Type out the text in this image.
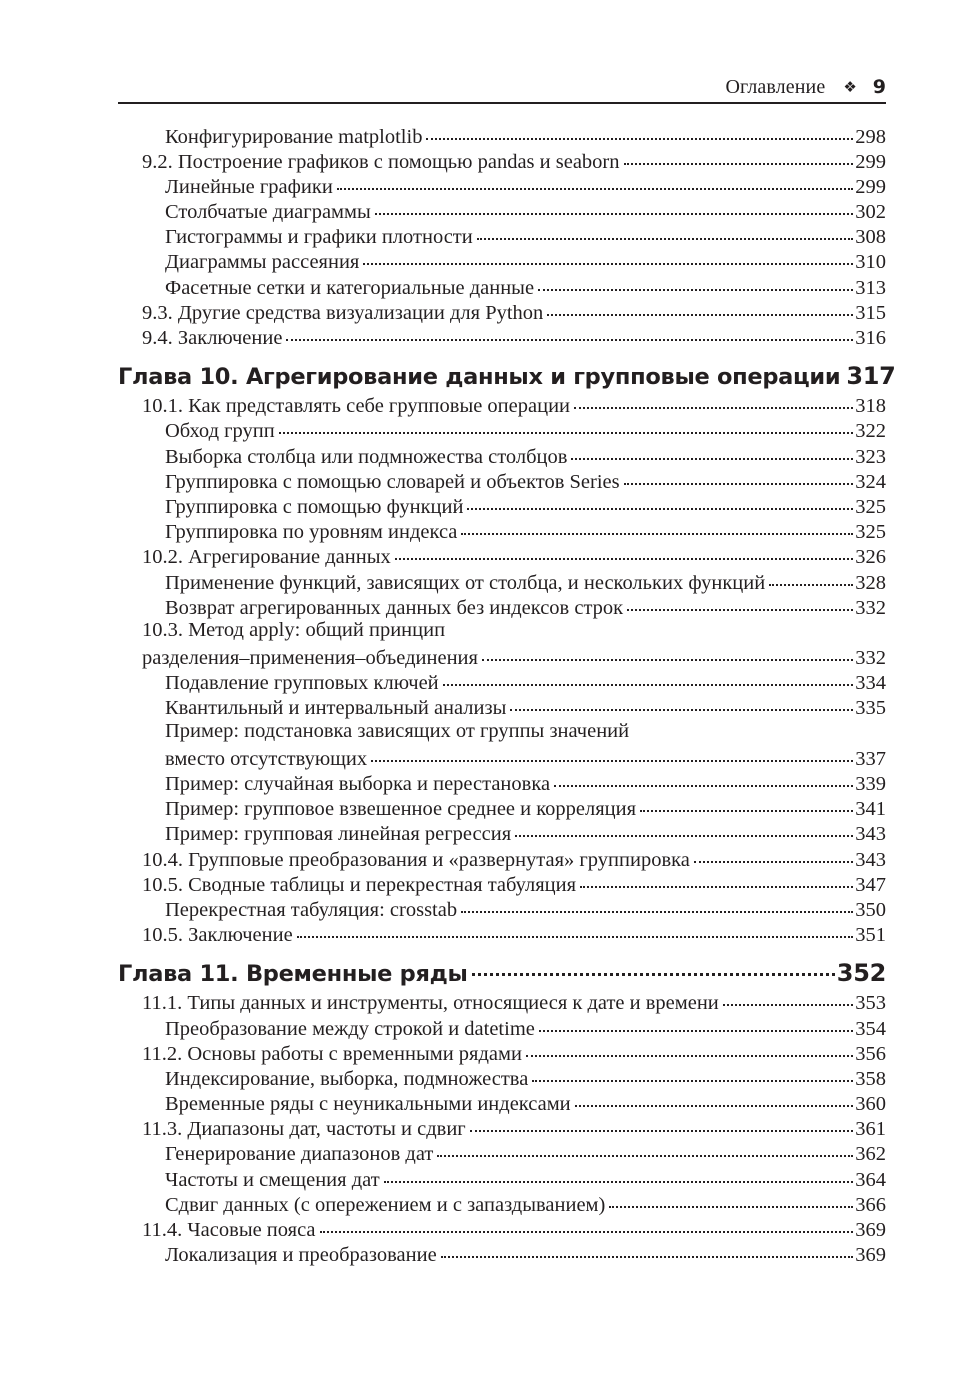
Оглавление ❖ 9
Конфигурирование matplotlib	298
9.2. Построение графиков с помощью pandas и seaborn	299
Линейные графики	299
Столбчатые диаграммы	302
Гистограммы и графики плотности	308
Диаграммы рассеяния	310
Фасетные сетки и категориальные данные	313
9.3. Другие средства визуализации для Python	315
9.4. Заключение	316
Глава 10. Агрегирование данных и групповые операции 317
10.1. Как представлять себе групповые операции	318
Обход групп	322
Выборка столбца или подмножества столбцов	323
Группировка с помощью словарей и объектов Series	324
Группировка с помощью функций	325
Группировка по уровням индекса	325
10.2. Агрегирование данных	326
Применение функций, зависящих от столбца, и нескольких функций	328
Возврат агрегированных данных без индексов строк	332
10.3. Метод apply: общий принцип
разделения–применения–объединения	332
Подавление групповых ключей	334
Квантильный и интервальный анализы	335
Пример: подстановка зависящих от группы значений
вместо отсутствующих	337
Пример: случайная выборка и перестановка	339
Пример: групповое взвешенное среднее и корреляция	341
Пример: групповая линейная регрессия	343
10.4. Групповые преобразования и «развернутая» группировка	343
10.5. Сводные таблицы и перекрестная табуляция	347
Перекрестная табуляция: crosstab	350
10.5. Заключение	351
Глава 11. Временные ряды	352
11.1. Типы данных и инструменты, относящиеся к дате и времени	353
Преобразование между строкой и datetime	354
11.2. Основы работы с временными рядами	356
Индексирование, выборка, подмножества	358
Временные ряды с неуникальными индексами	360
11.3. Диапазоны дат, частоты и сдвиг	361
Генерирование диапазонов дат	362
Частоты и смещения дат	364
Сдвиг данных (с опережением и с запаздыванием)	366
11.4. Часовые пояса	369
Локализация и преобразование	369
